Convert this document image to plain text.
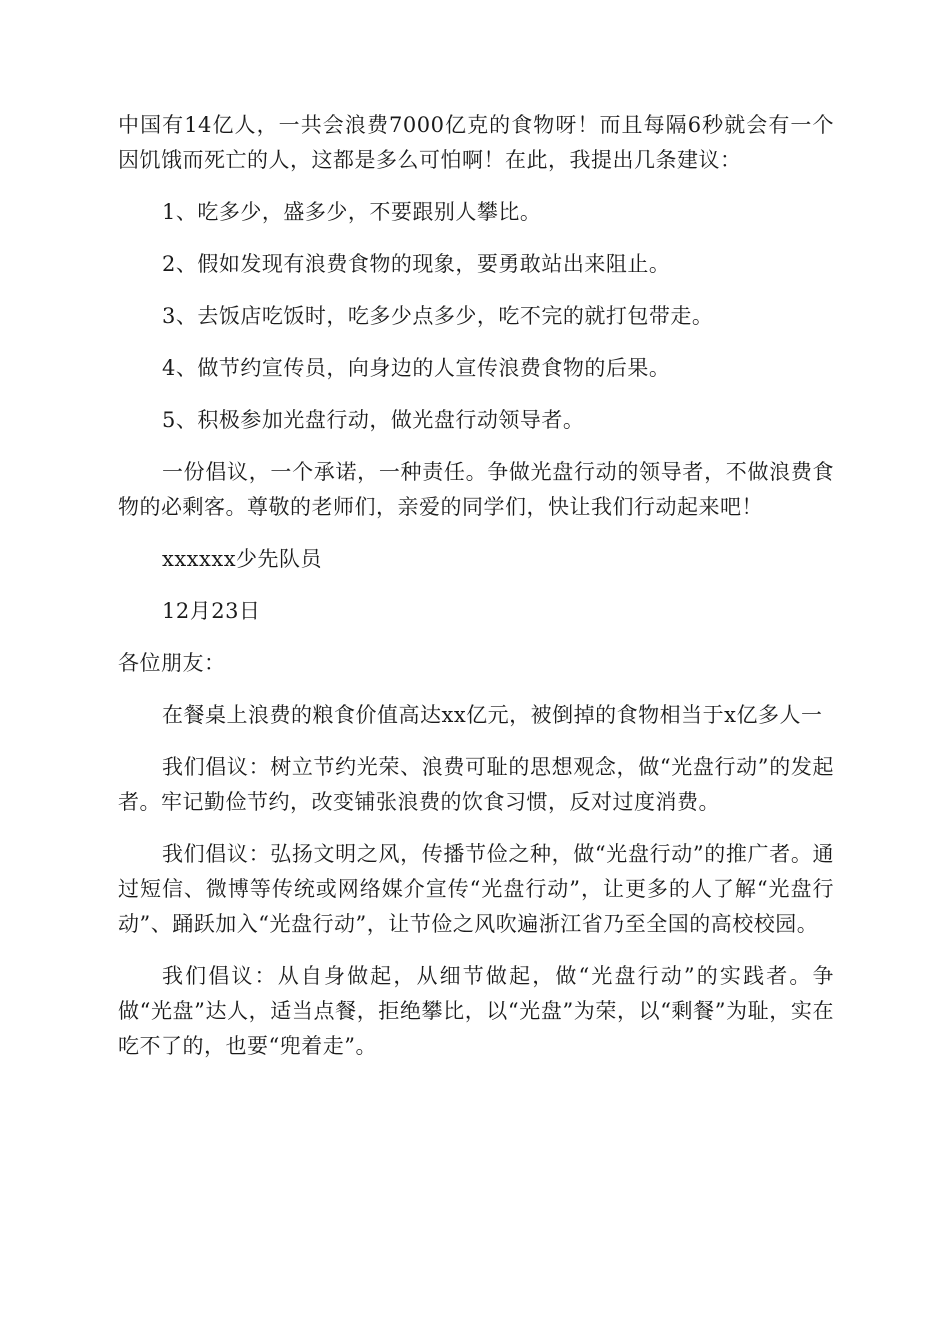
中国有14亿人，一共会浪费7000亿克的食物呀！而且每隔6秒就会有一个因饥饿而死亡的人，这都是多么可怕啊！在此，我提出几条建议：

1、吃多少，盛多少，不要跟别人攀比。

2、假如发现有浪费食物的现象，要勇敢站出来阻止。

3、去饭店吃饭时，吃多少点多少，吃不完的就打包带走。

4、做节约宣传员，向身边的人宣传浪费食物的后果。

5、积极参加光盘行动，做光盘行动领导者。

一份倡议，一个承诺，一种责任。争做光盘行动的领导者，不做浪费食物的必剩客。尊敬的老师们，亲爱的同学们，快让我们行动起来吧！

xxxxxx少先队员

12月23日

各位朋友：

在餐桌上浪费的粮食价值高达xx亿元，被倒掉的食物相当于x亿多人一

我们倡议：树立节约光荣、浪费可耻的思想观念，做“光盘行动”的发起者。牢记勤俭节约，改变铺张浪费的饮食习惯，反对过度消费。

我们倡议：弘扬文明之风，传播节俭之种，做“光盘行动”的推广者。通过短信、微博等传统或网络媒介宣传“光盘行动”，让更多的人了解“光盘行动”、踊跃加入“光盘行动”，让节俭之风吹遍浙江省乃至全国的高校校园。

我们倡议：从自身做起，从细节做起，做“光盘行动”的实践者。争做“光盘”达人，适当点餐，拒绝攀比，以“光盘”为荣，以“剩餐”为耻，实在吃不了的，也要“兜着走”。
